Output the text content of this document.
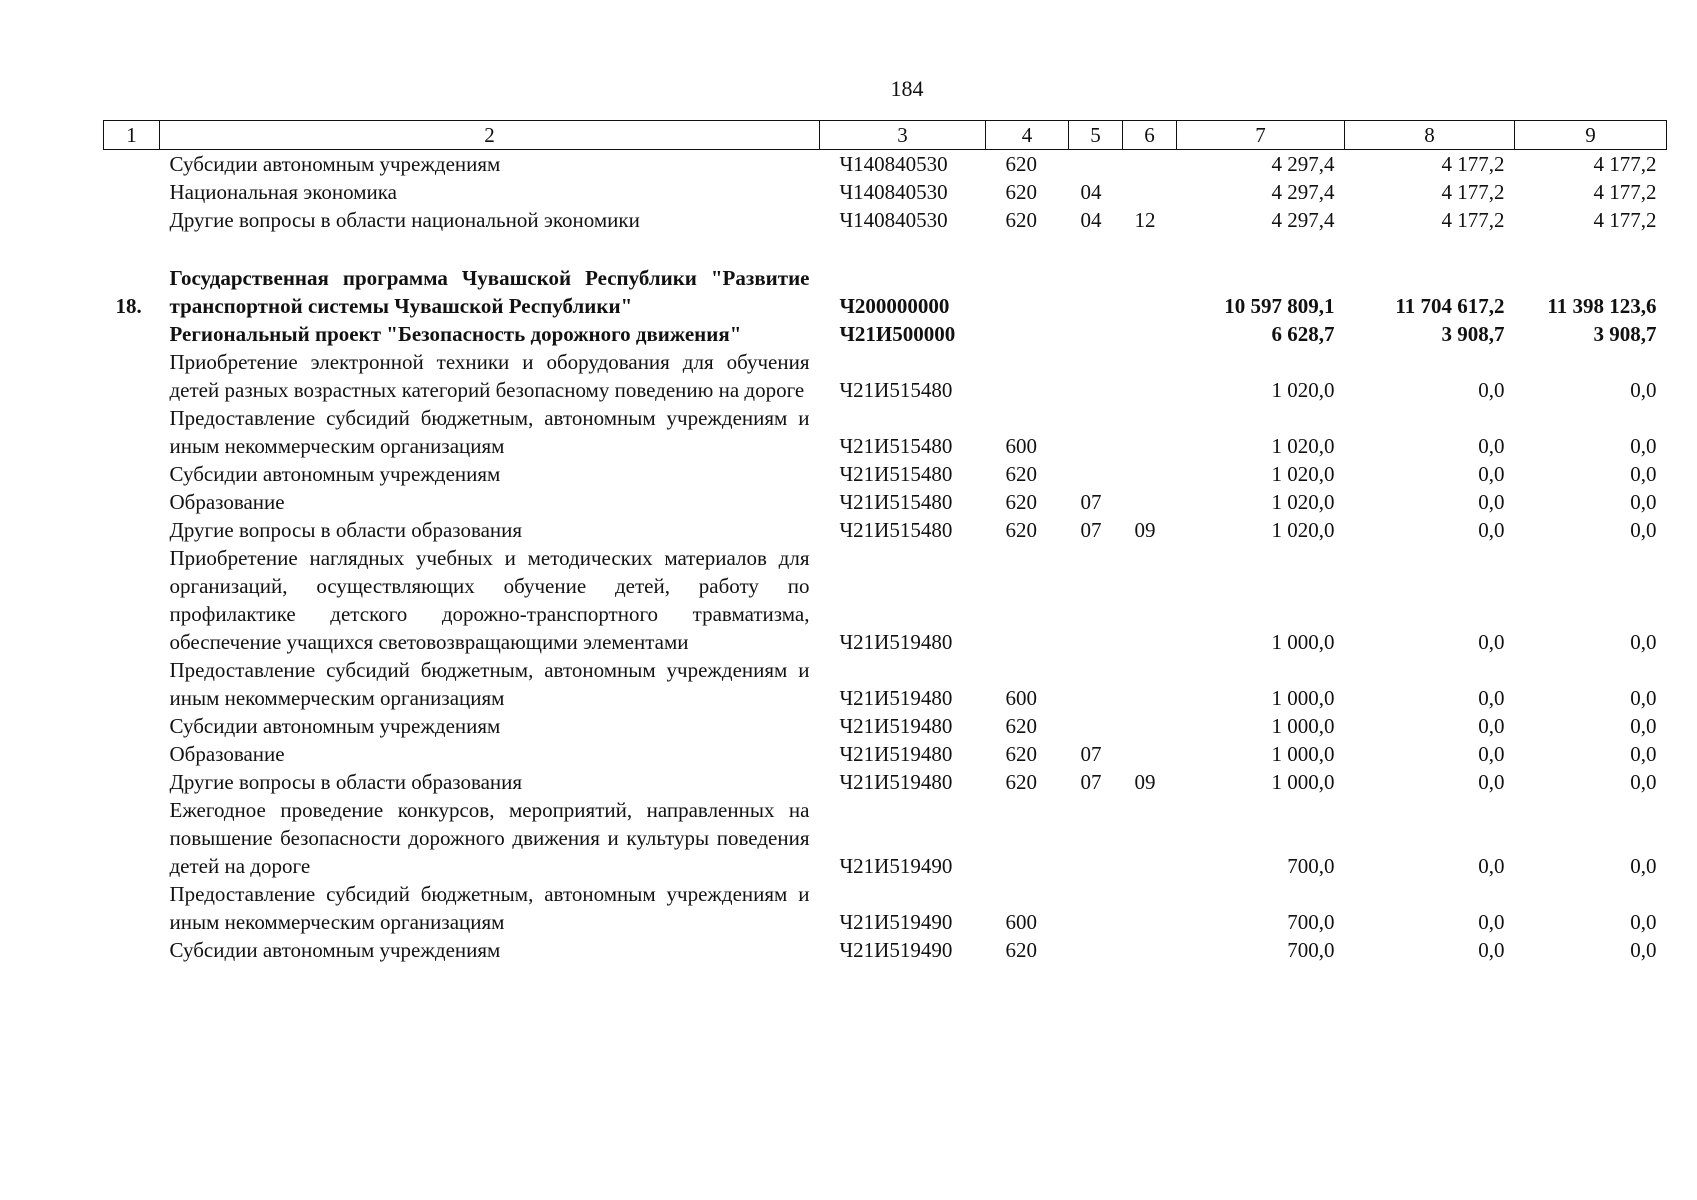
184
1	2	3	4	5	6	7	8	9
	Субсидии автономным учреждениям	Ч140840530	620			4 297,4	4 177,2	4 177,2
	Национальная экономика	Ч140840530	620	04		4 297,4	4 177,2	4 177,2
	Другие вопросы в области национальной экономики	Ч140840530	620	04	12	4 297,4	4 177,2	4 177,2

18.	Государственная программа Чувашской Республики "Развитие транспортной системы Чувашской Республики"	Ч200000000				10 597 809,1	11 704 617,2	11 398 123,6
	Региональный проект "Безопасность дорожного движения"	Ч21И500000				6 628,7	3 908,7	3 908,7
	Приобретение электронной техники и оборудования для обучения детей разных возрастных категорий безопасному поведению на дороге	Ч21И515480				1 020,0	0,0	0,0
	Предоставление субсидий бюджетным, автономным учреждениям и иным некоммерческим организациям	Ч21И515480	600			1 020,0	0,0	0,0
	Субсидии автономным учреждениям	Ч21И515480	620			1 020,0	0,0	0,0
	Образование	Ч21И515480	620	07		1 020,0	0,0	0,0
	Другие вопросы в области образования	Ч21И515480	620	07	09	1 020,0	0,0	0,0
	Приобретение наглядных учебных и методических материалов для организаций, осуществляющих обучение детей, работу по профилактике детского дорожно-транспортного травматизма, обеспечение учащихся световозвращающими элементами	Ч21И519480				1 000,0	0,0	0,0
	Предоставление субсидий бюджетным, автономным учреждениям и иным некоммерческим организациям	Ч21И519480	600			1 000,0	0,0	0,0
	Субсидии автономным учреждениям	Ч21И519480	620			1 000,0	0,0	0,0
	Образование	Ч21И519480	620	07		1 000,0	0,0	0,0
	Другие вопросы в области образования	Ч21И519480	620	07	09	1 000,0	0,0	0,0
	Ежегодное проведение конкурсов, мероприятий, направленных на повышение безопасности дорожного движения и культуры поведения детей на дороге	Ч21И519490				700,0	0,0	0,0
	Предоставление субсидий бюджетным, автономным учреждениям и иным некоммерческим организациям	Ч21И519490	600			700,0	0,0	0,0
	Субсидии автономным учреждениям	Ч21И519490	620			700,0	0,0	0,0
